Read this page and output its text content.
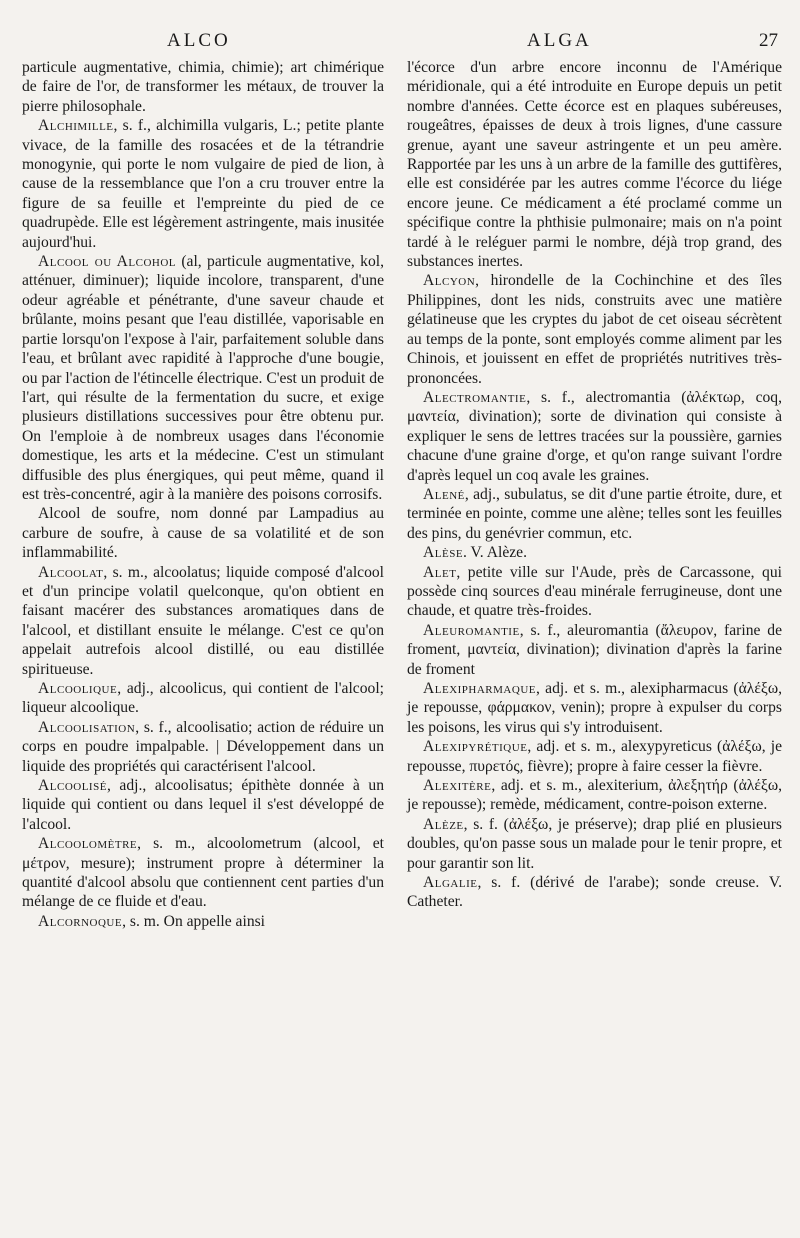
ALCO	ALGA	27

particule augmentative, chimia, chimie); art chimérique de faire de l'or, de transformer les métaux, de trouver la pierre philosophale.

Alchimille, s. f., alchimilla vulgaris, L.; petite plante vivace, de la famille des rosacées et de la tétrandrie monogynie, qui porte le nom vulgaire de pied de lion, à cause de la ressemblance que l'on a cru trouver entre la figure de sa feuille et l'empreinte du pied de ce quadrupède. Elle est légèrement astringente, mais inusitée aujourd'hui.

Alcool ou Alcohol (al, particule augmentative, kol, atténuer, diminuer); liquide incolore, transparent, d'une odeur agréable et pénétrante, d'une saveur chaude et brûlante, moins pesant que l'eau distillée, vaporisable en partie lorsqu'on l'expose à l'air, parfaitement soluble dans l'eau, et brûlant avec rapidité à l'approche d'une bougie, ou par l'action de l'étincelle électrique. C'est un produit de l'art, qui résulte de la fermentation du sucre, et exige plusieurs distillations successives pour être obtenu pur. On l'emploie à de nombreux usages dans l'économie domestique, les arts et la médecine. C'est un stimulant diffusible des plus énergiques, qui peut même, quand il est très-concentré, agir à la manière des poisons corrosifs.

Alcool de soufre, nom donné par Lampadius au carbure de soufre, à cause de sa volatilité et de son inflammabilité.

Alcoolat, s. m., alcoolatus; liquide composé d'alcool et d'un principe volatil quelconque, qu'on obtient en faisant macérer des substances aromatiques dans de l'alcool, et distillant ensuite le mélange. C'est ce qu'on appelait autrefois alcool distillé, ou eau distillée spiritueuse.

Alcoolique, adj., alcoolicus, qui contient de l'alcool; liqueur alcoolique.

Alcoolisation, s. f., alcoolisatio; action de réduire un corps en poudre impalpable. | Développement dans un liquide des propriétés qui caractérisent l'alcool.

Alcoolisé, adj., alcoolisatus; épithète donnée à un liquide qui contient ou dans lequel il s'est développé de l'alcool.

Alcoolomètre, s. m., alcoolometrum (alcool, et μέτρον, mesure); instrument propre à déterminer la quantité d'alcool absolu que contiennent cent parties d'un mélange de ce fluide et d'eau.

Alcornoque, s. m. On appelle ainsi

l'écorce d'un arbre encore inconnu de l'Amérique méridionale, qui a été introduite en Europe depuis un petit nombre d'années. Cette écorce est en plaques subéreuses, rougeâtres, épaisses de deux à trois lignes, d'une cassure grenue, ayant une saveur astringente et un peu amère. Rapportée par les uns à un arbre de la famille des guttifères, elle est considérée par les autres comme l'écorce du liége encore jeune. Ce médicament a été proclamé comme un spécifique contre la phthisie pulmonaire; mais on n'a point tardé à le reléguer parmi le nombre, déjà trop grand, des substances inertes.

Alcyon, hirondelle de la Cochinchine et des îles Philippines, dont les nids, construits avec une matière gélatineuse que les cryptes du jabot de cet oiseau sécrètent au temps de la ponte, sont employés comme aliment par les Chinois, et jouissent en effet de propriétés nutritives très-prononcées.

Alectromantie, s. f., alectromantia (ἀλέκτωρ, coq, μαντεία, divination); sorte de divination qui consiste à expliquer le sens de lettres tracées sur la poussière, garnies chacune d'une graine d'orge, et qu'on range suivant l'ordre d'après lequel un coq avale les graines.

Alené, adj., subulatus, se dit d'une partie étroite, dure, et terminée en pointe, comme une alène; telles sont les feuilles des pins, du genévrier commun, etc.

Alèse. V. Alèze.

Alet, petite ville sur l'Aude, près de Carcassone, qui possède cinq sources d'eau minérale ferrugineuse, dont une chaude, et quatre très-froides.

Aleuromantie, s. f., aleuromantia (ἄλευρον, farine de froment, μαντεία, divination); divination d'après la farine de froment

Alexipharmaque, adj. et s. m., alexipharmacus (ἀλέξω, je repousse, φάρμακον, venin); propre à expulser du corps les poisons, les virus qui s'y introduisent.

Alexipyrétique, adj. et s. m., alexypyreticus (ἀλέξω, je repousse, πυρετός, fièvre); propre à faire cesser la fièvre.

Alexitère, adj. et s. m., alexiterium, ἀλεξητήρ (ἀλέξω, je repousse); remède, médicament, contre-poison externe.

Alèze, s. f. (ἀλέξω, je préserve); drap plié en plusieurs doubles, qu'on passe sous un malade pour le tenir propre, et pour garantir son lit.

Algalie, s. f. (dérivé de l'arabe); sonde creuse. V. Catheter.
